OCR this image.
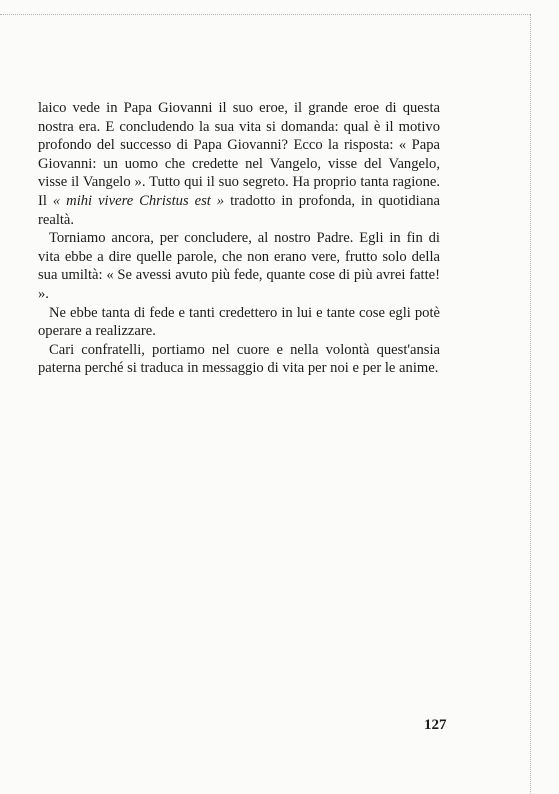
laico vede in Papa Giovanni il suo eroe, il grande eroe di questa nostra era. E concludendo la sua vita si domanda: qual è il motivo profondo del successo di Papa Giovanni? Ecco la risposta: « Papa Giovanni: un uomo che credette nel Vangelo, visse del Vangelo, visse il Vangelo ». Tutto qui il suo segreto. Ha proprio tanta ragione. Il « mihi vivere Christus est » tradotto in profonda, in quotidiana realtà.

Torniamo ancora, per concludere, al nostro Padre. Egli in fin di vita ebbe a dire quelle parole, che non erano vere, frutto solo della sua umiltà: « Se avessi avuto più fede, quante cose di più avrei fatte! ».

Ne ebbe tanta di fede e tanti credettero in lui e tante cose egli potè operare a realizzare.

Cari confratelli, portiamo nel cuore e nella volontà quest'ansia paterna perché si traduca in messaggio di vita per noi e per le anime.

127
